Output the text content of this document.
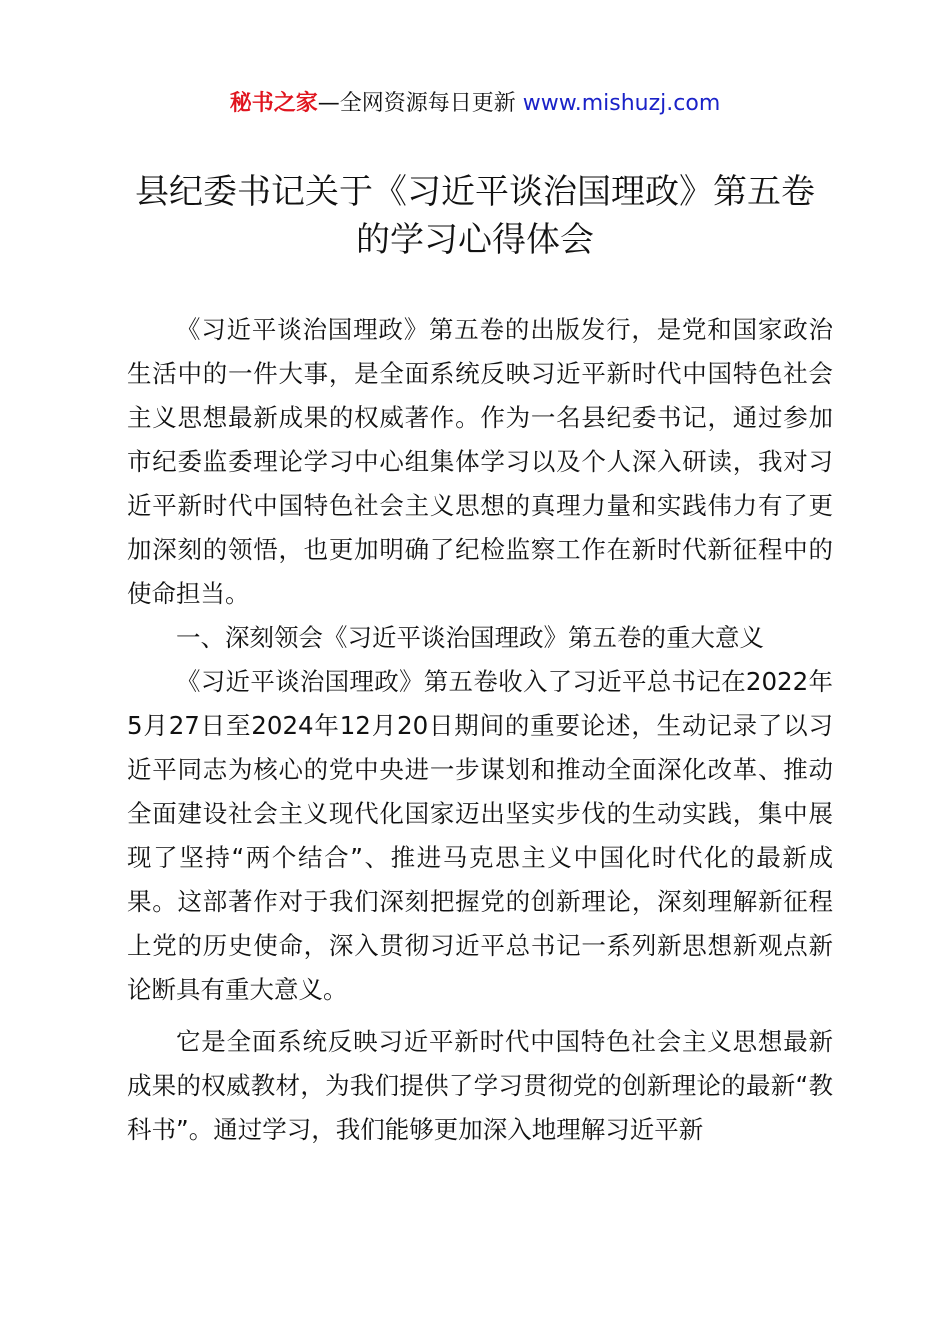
秘书之家—全网资源每日更新 www.mishuzj.com
县纪委书记关于《习近平谈治国理政》第五卷
的学习心得体会

《习近平谈治国理政》第五卷的出版发行，是党和国家政治生活中的一件大事，是全面系统反映习近平新时代中国特色社会主义思想最新成果的权威著作。作为一名县纪委书记，通过参加市纪委监委理论学习中心组集体学习以及个人深入研读，我对习近平新时代中国特色社会主义思想的真理力量和实践伟力有了更加深刻的领悟，也更加明确了纪检监察工作在新时代新征程中的使命担当。

一、深刻领会《习近平谈治国理政》第五卷的重大意义

《习近平谈治国理政》第五卷收入了习近平总书记在2022年5月27日至2024年12月20日期间的重要论述，生动记录了以习近平同志为核心的党中央进一步谋划和推动全面深化改革、推动全面建设社会主义现代化国家迈出坚实步伐的生动实践，集中展现了坚持“两个结合”、推进马克思主义中国化时代化的最新成果。这部著作对于我们深刻把握党的创新理论，深刻理解新征程上党的历史使命，深入贯彻习近平总书记一系列新思想新观点新论断具有重大意义。

它是全面系统反映习近平新时代中国特色社会主义思想最新成果的权威教材，为我们提供了学习贯彻党的创新理论的最新“教科书”。通过学习，我们能够更加深入地理解习近平新
